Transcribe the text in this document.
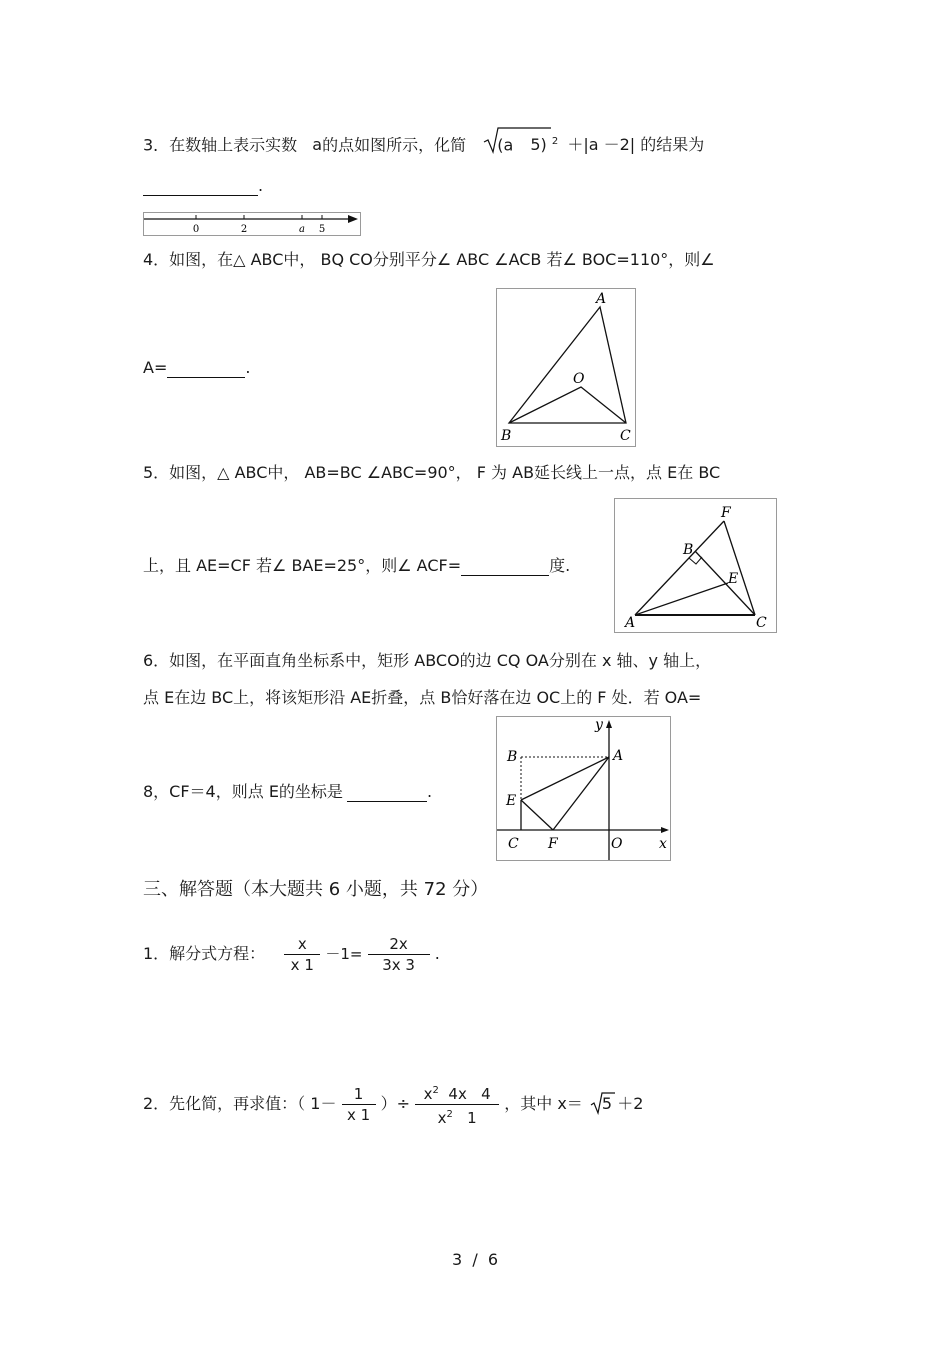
3．在数轴上表示实数 a的点如图所示，化简 (a 5) $^2$ ＋|a －2| 的结果为
.
0	2	a 5
4．如图，在△ ABC中， BQ CO分别平分∠ ABC ∠ACB 若∠ BOC=110°，则∠
A=	.
A
B	C
O
5．如图，△ ABC中， AB=BC ∠ABC=90°， F 为 AB延长线上一点，点 E在 BC
上，且 AE=CF 若∠ BAE=25°，则∠ ACF=	度.
F
B
E
A	C
6．如图，在平面直角坐标系中，矩形 ABCO的边 CQ OA分别在 x 轴、y 轴上，
点 E在边 BC上，将该矩形沿 AE折叠，点 B恰好落在边 OC上的 F 处．若 OA=
8，CF＝4，则点 E的坐标是	.
y
A
B
E
C F	O	x
三、解答题（本大题共 6 小题，共 72 分）
1．解分式方程： $\frac{x}{x 1} -1= \frac{2x}{3x 3}$ .
2．先化简，再求值：（ $1- \frac{1}{x 1}$ ）÷ $\frac{x^2 4x 4}{x^2 1}$ ，其中 x＝ 5 ＋2
3  /  6
